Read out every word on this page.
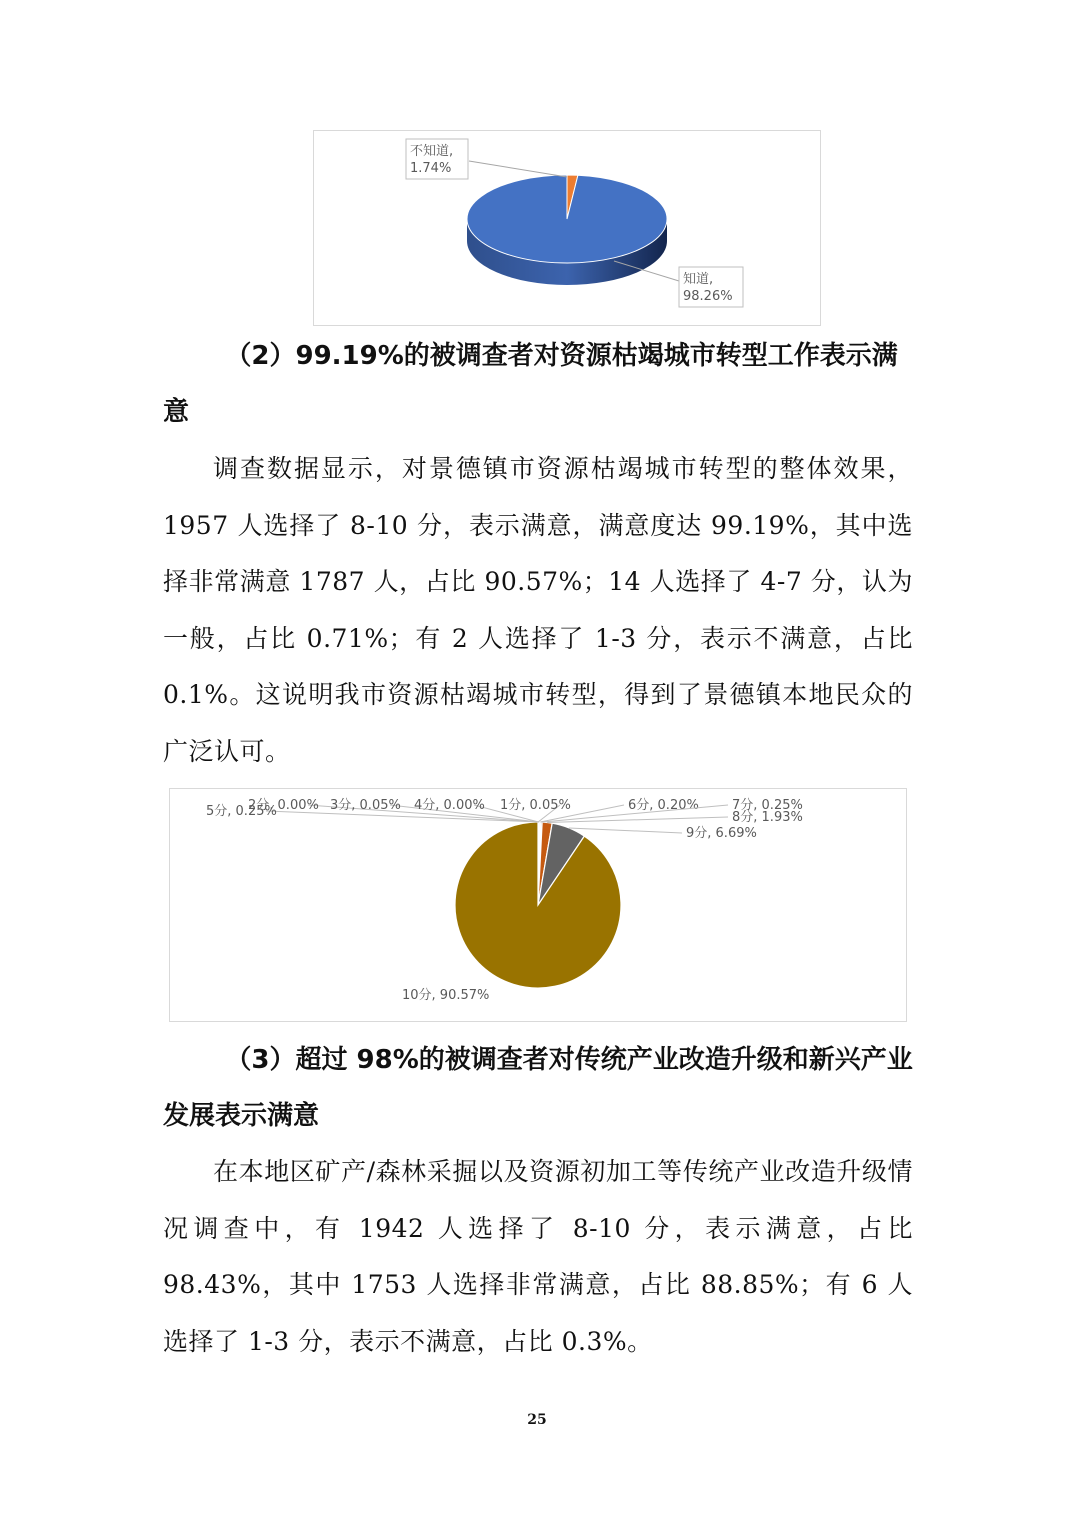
不知道,
1.74%
知道,
98.26%
（2）99.19%的被调查者对资源枯竭城市转型工作表示满意

调查数据显示，对景德镇市资源枯竭城市转型的整体效果，1957 人选择了 8-10 分，表示满意，满意度达 99.19%，其中选择非常满意 1787 人，占比 90.57%；14 人选择了 4-7 分，认为一般，占比 0.71%；有 2 人选择了 1-3 分，表示不满意，占比 0.1%。这说明我市资源枯竭城市转型，得到了景德镇本地民众的广泛认可。

1分, 0.05%
2分, 0.00% 3分, 0.05% 4分, 0.00%
5分, 0.25%	6分, 0.20%	7分, 0.25%
8分, 1.93%
9分, 6.69%
10分, 90.57%
（3）超过 98%的被调查者对传统产业改造升级和新兴产业发展表示满意

在本地区矿产/森林采掘以及资源初加工等传统产业改造升级情况调查中，有 1942 人选择了 8-10 分，表示满意，占比 98.43%，其中 1753 人选择非常满意，占比 88.85%；有 6 人选择了 1-3 分，表示不满意，占比 0.3%。

25
